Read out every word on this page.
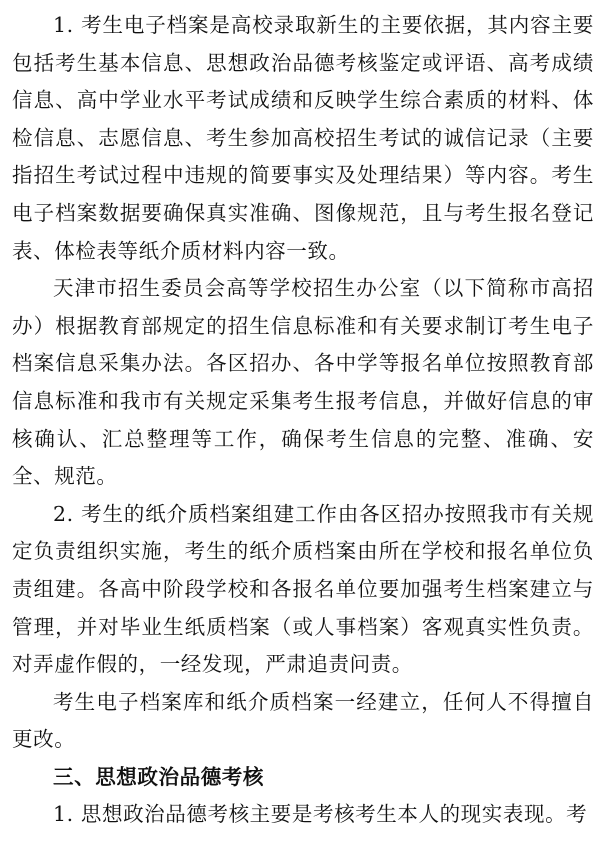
1. 考生电子档案是高校录取新生的主要依据，其内容主要包括考生基本信息、思想政治品德考核鉴定或评语、高考成绩信息、高中学业水平考试成绩和反映学生综合素质的材料、体检信息、志愿信息、考生参加高校招生考试的诚信记录（主要指招生考试过程中违规的简要事实及处理结果）等内容。考生电子档案数据要确保真实准确、图像规范，且与考生报名登记表、体检表等纸介质材料内容一致。

天津市招生委员会高等学校招生办公室（以下简称市高招办）根据教育部规定的招生信息标准和有关要求制订考生电子档案信息采集办法。各区招办、各中学等报名单位按照教育部信息标准和我市有关规定采集考生报考信息，并做好信息的审核确认、汇总整理等工作，确保考生信息的完整、准确、安全、规范。

2. 考生的纸介质档案组建工作由各区招办按照我市有关规定负责组织实施，考生的纸介质档案由所在学校和报名单位负责组建。各高中阶段学校和各报名单位要加强考生档案建立与管理，并对毕业生纸质档案（或人事档案）客观真实性负责。对弄虚作假的，一经发现，严肃追责问责。

考生电子档案库和纸介质档案一经建立，任何人不得擅自更改。

三、思想政治品德考核

1. 思想政治品德考核主要是考核考生本人的现实表现。考
